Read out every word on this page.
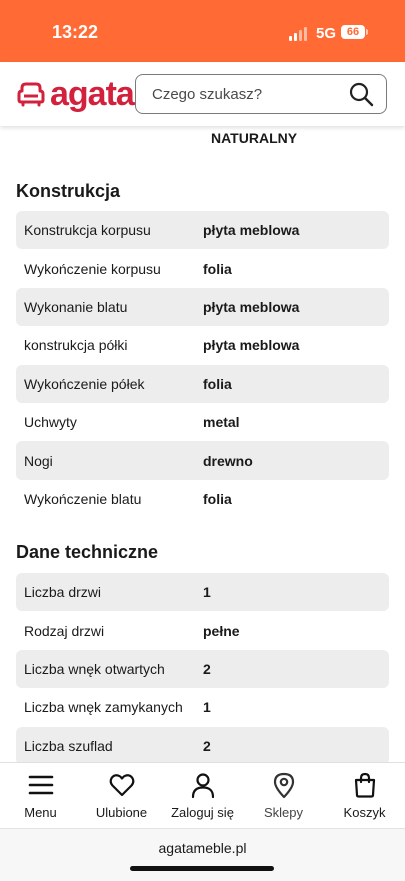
13:22	5G 66
agata
Czego szukasz?
NATURALNY
Konstrukcja
Konstrukcja korpusu	płyta meblowa
Wykończenie korpusu	folia
Wykonanie blatu	płyta meblowa
konstrukcja półki	płyta meblowa
Wykończenie półek	folia
Uchwyty	metal
Nogi	drewno
Wykończenie blatu	folia
Dane techniczne
Liczba drzwi	1
Rodzaj drzwi	pełne
Liczba wnęk otwartych	2
Liczba wnęk zamykanych	1
Liczba szuflad	2
Menu	Ulubione Zaloguj się Sklepy	Koszyk
agatameble.pl
